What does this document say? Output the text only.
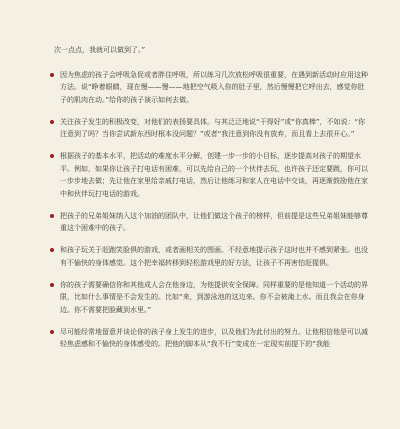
次一点点，我就可以做到了。”

因为焦虑的孩子会呼吸急促或者胖住呼吸，所以练习几次放松呼吸很重要，在遇到新活动时应用这种方法。说“睁着眼睛，现在慢——慢——地把空气吸入你的肚子里，然后慢慢把它呼出去，感觉你肚子的肌肉在动。”给你的孩子演示如何去做。
关注孩子发生的积极改变，对他们的表扬要具体。与其泛泛地说“干得好”或“你真棒”，不如说：“你注意到了吗？当你尝试新东西时根本没问题？”或者“我注意到你没有放弃，而且看上去很开心。”
根据孩子的基本水平，把活动的难度水平分解，创建一步一步的小目标，逐步提高对孩子的期望水平。例如，如果你让孩子打电话有困难，可以先给自己的一个伙伴去玩，也许孩子还定要跳，你可以一步步地去做；先让他在家里给亲戚打电话，然后让他练习和家人在电话中交谈，再逐渐鼓励他在家中和伙伴玩打电话的游戏。
把孩子的兄弟姐妹纳入这个加油的团队中，让他们做这个孩子的榜样，但前提是这些兄弟姐妹能够尊重这个困难中的孩子。
和孩子玩关于赶跑笑脸俱的游戏，或者画相关的图画。不经意地提示孩子这时也并不感到紧张。也没有不愉快的身体感觉。这个把幸福转移到轻松游戏里的好方法，让孩子不再害怕赶猩俱。
你的孩子需要确信你和其他成人会在他身边，为他提供安全保障。同样重要的是他知道一个活动的界限，比如什么事情是不会发生的。比如“来，到游泳池的这边来。你不会被淹上水。而且我会在你身边。你不需要把脸藏到水里。”
尽可能经常地留意并谈论你的孩子身上发生的进步，以及他们为此付出的努力。让他相信他是可以减轻焦虑感和不愉快的身体感受的。把他的脚本从“我不行”变成在一定现实前提下的“我能
